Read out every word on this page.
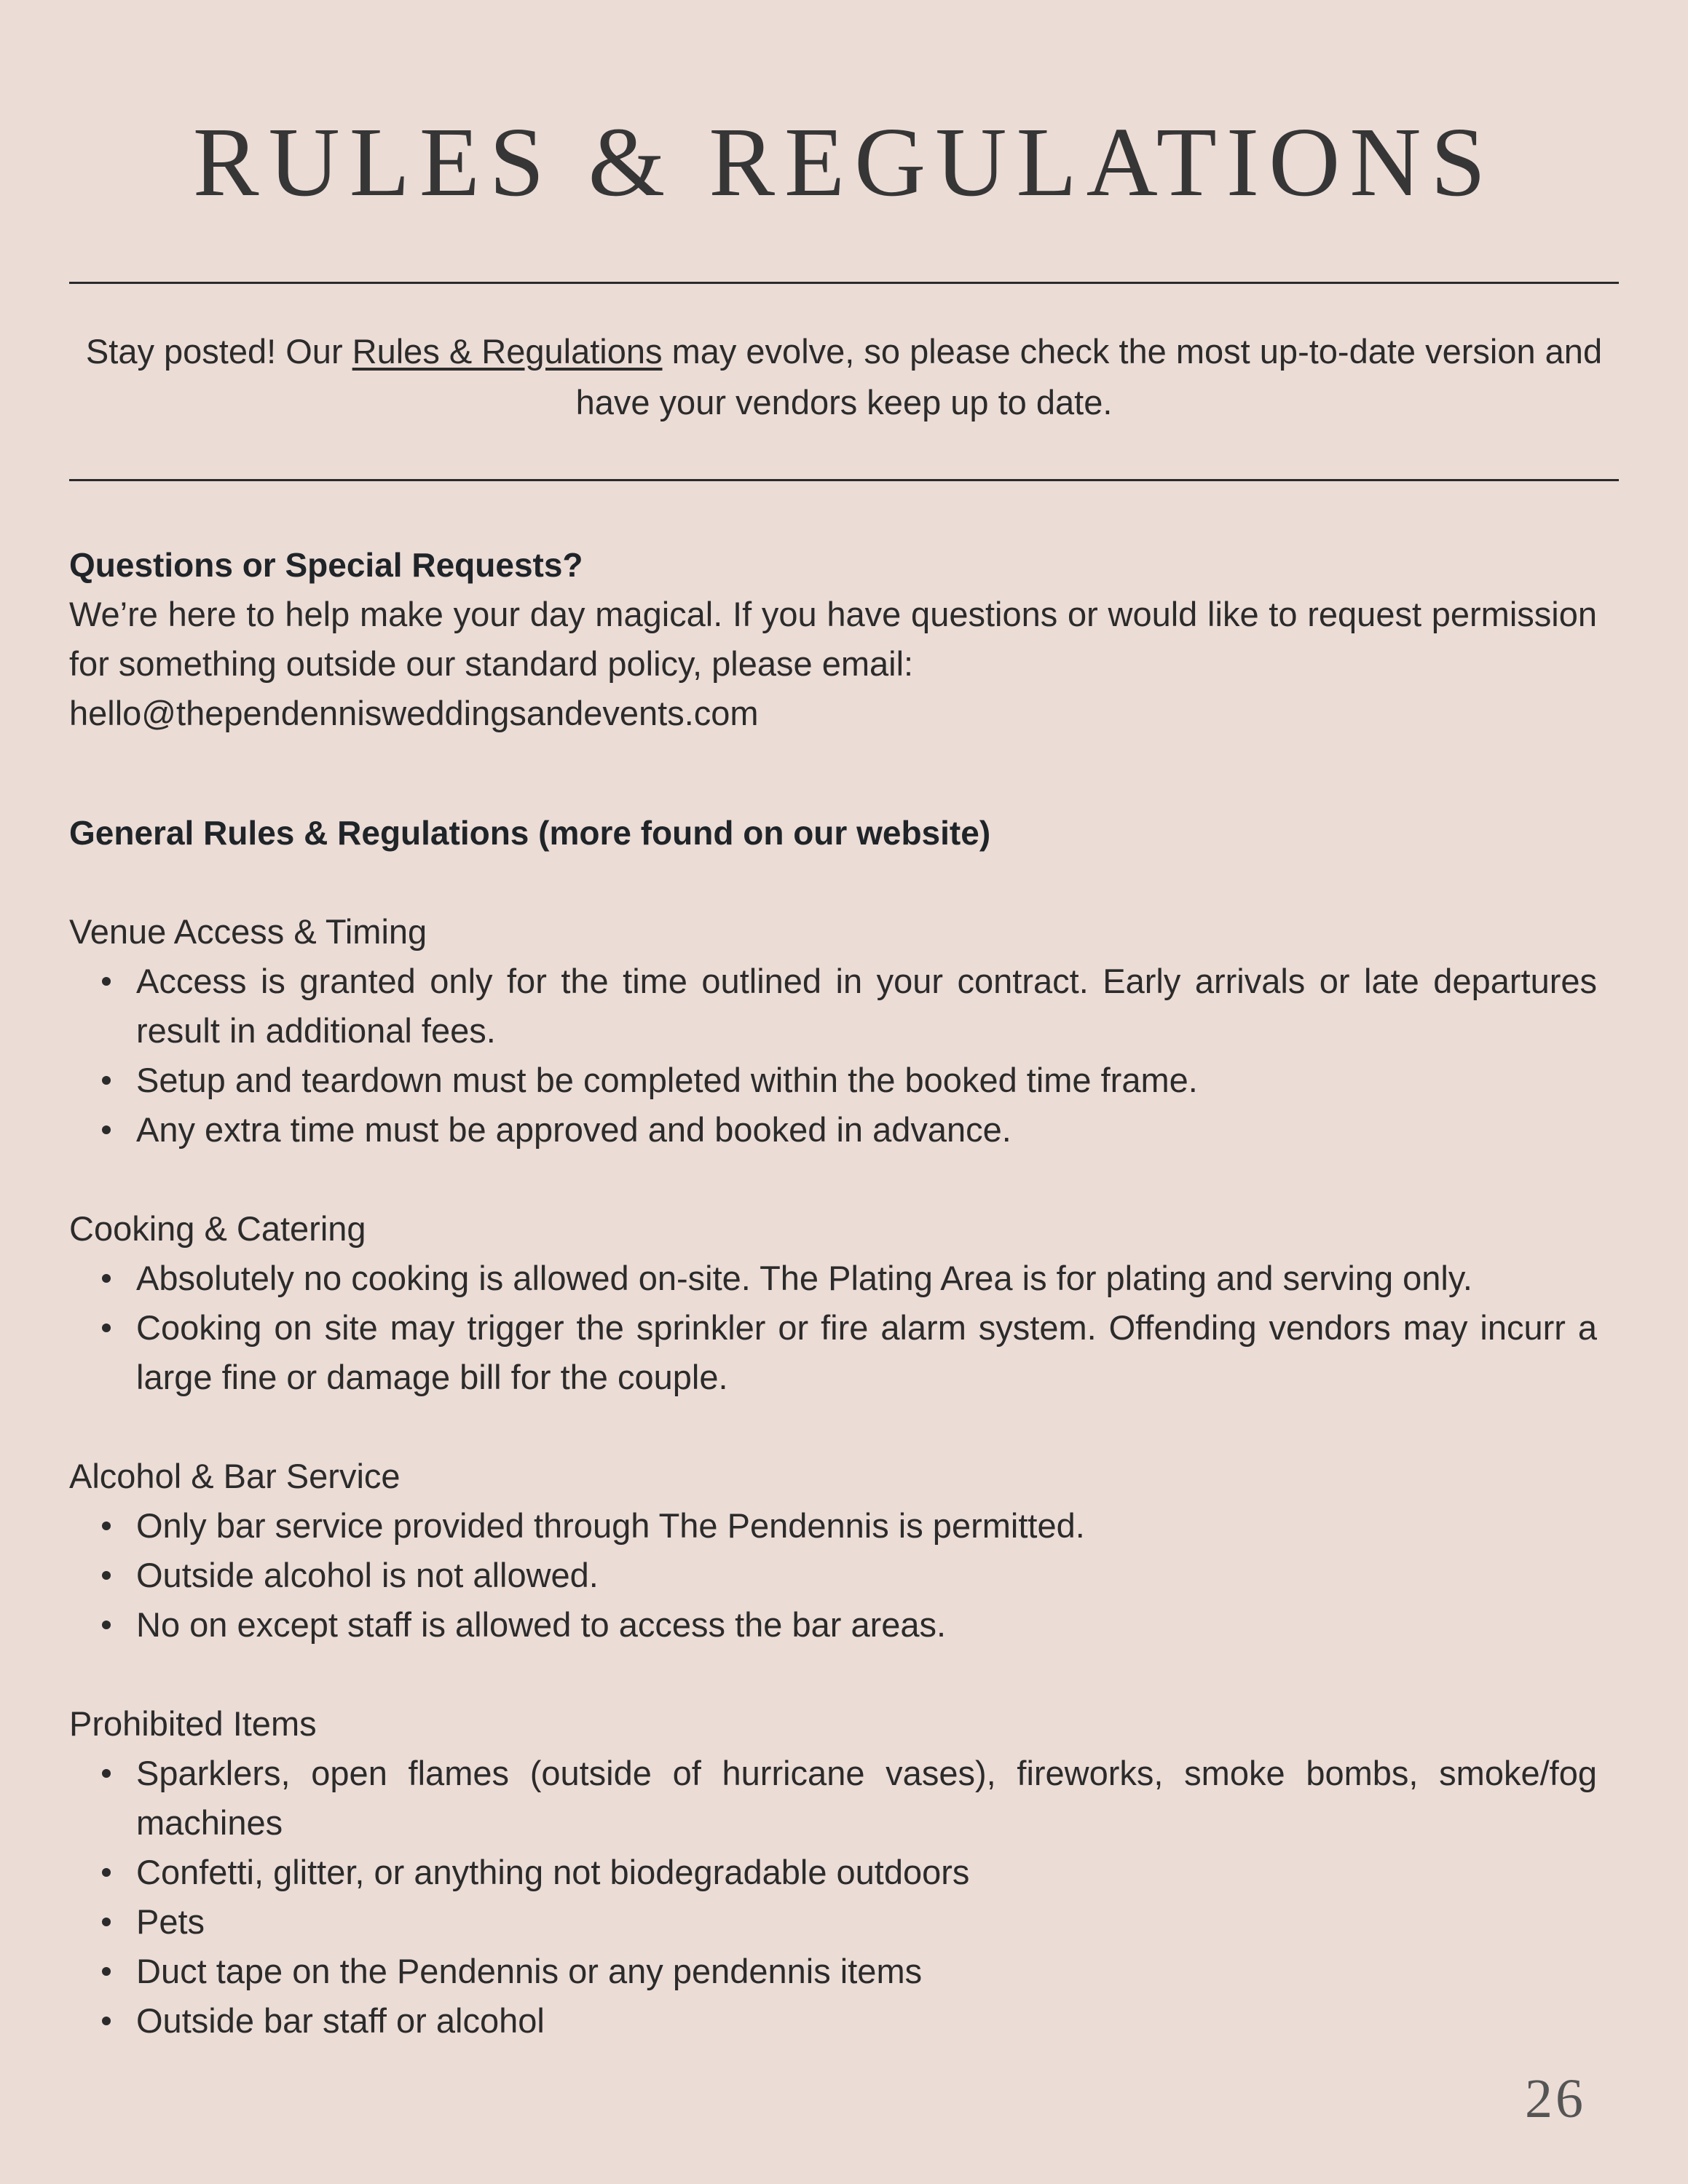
RULES & REGULATIONS
Stay posted! Our Rules & Regulations may evolve, so please check the most up-to-date version and have your vendors keep up to date.

Questions or Special Requests?

We’re here to help make your day magical. If you have questions or would like to request permission for something outside our standard policy, please email:

hello@thependennisweddingsandevents.com

General Rules & Regulations (more found on our website)

Venue Access & Timing

Access is granted only for the time outlined in your contract. Early arrivals or late departures result in additional fees.
Setup and teardown must be completed within the booked time frame.
Any extra time must be approved and booked in advance.

Cooking & Catering

Absolutely no cooking is allowed on-site. The Plating Area is for plating and serving only.
Cooking on site may trigger the sprinkler or fire alarm system. Offending vendors may incurr a large fine or damage bill for the couple.

Alcohol & Bar Service

Only bar service provided through The Pendennis is permitted.
Outside alcohol is not allowed.
No on except staff is allowed to access the bar areas.

Prohibited Items

Sparklers, open flames (outside of hurricane vases), fireworks, smoke bombs, smoke/fog machines
Confetti, glitter, or anything not biodegradable outdoors
Pets
Duct tape on the Pendennis or any pendennis items
Outside bar staff or alcohol
26
